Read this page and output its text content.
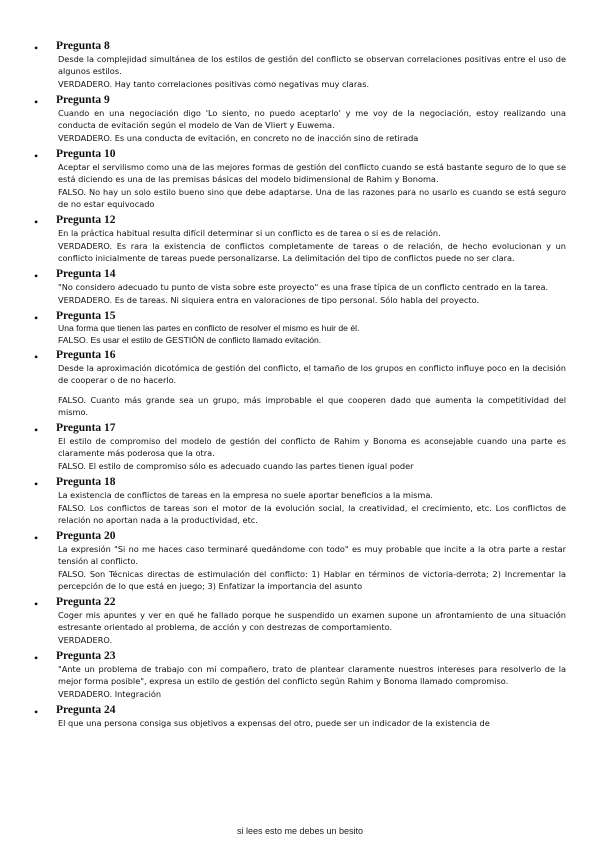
• Pregunta 8
Desde la complejidad simultánea de los estilos de gestión del conflicto se observan correlaciones positivas entre el uso de algunos estilos.
VERDADERO. Hay tanto correlaciones positivas como negativas muy claras.
• Pregunta 9
Cuando en una negociación digo 'Lo siento, no puedo aceptarlo' y me voy de la negociación, estoy realizando una conducta de evitación según el modelo de Van de Vliert y Euwema.
VERDADERO. Es una conducta de evitación, en concreto no de inacción sino de retirada
• Pregunta 10
Aceptar el servilismo como una de las mejores formas de gestión del conflicto cuando se está bastante seguro de lo que se está diciendo es una de las premisas básicas del modelo bidimensional de Rahim y Bonoma.
FALSO. No hay un solo estilo bueno sino que debe adaptarse. Una de las razones para no usarlo es cuando se está seguro de no estar equivocado
• Pregunta 12
En la práctica habitual resulta difícil determinar si un conflicto es de tarea o si es de relación.
VERDADERO. Es rara la existencia de conflictos completamente de tareas o de relación, de hecho evolucionan y un conflicto inicialmente de tareas puede personalizarse. La delimitación del tipo de conflictos puede no ser clara.
• Pregunta 14
"No considero adecuado tu punto de vista sobre este proyecto" es una frase típica de un conflicto centrado en la tarea.
VERDADERO. Es de tareas. Ni siquiera entra en valoraciones de tipo personal. Sólo habla del proyecto.
• Pregunta 15
Una forma que tienen las partes en conflicto de resolver el mismo es huir de él.
FALSO. Es usar el estilo de GESTIÓN de conflicto llamado evitación.
• Pregunta 16
Desde la aproximación dicotómica de gestión del conflicto, el tamaño de los grupos en conflicto influye poco en la decisión de cooperar o de no hacerlo.
FALSO. Cuanto más grande sea un grupo, más improbable el que cooperen dado que aumenta la competitividad del mismo.
• Pregunta 17
El estilo de compromiso del modelo de gestión del conflicto de Rahim y Bonoma es aconsejable cuando una parte es claramente más poderosa que la otra.
FALSO. El estilo de compromiso sólo es adecuado cuando las partes tienen igual poder
• Pregunta 18
La existencia de conflictos de tareas en la empresa no suele aportar beneficios a la misma.
FALSO. Los conflictos de tareas son el motor de la evolución social, la creatividad, el crecimiento, etc. Los conflictos de relación no aportan nada a la productividad, etc.
• Pregunta 20
La expresión "Si no me haces caso terminaré quedándome con todo" es muy probable que incite a la otra parte a restar tensión al conflicto.
FALSO. Son Técnicas directas de estimulación del conflicto: 1) Hablar en términos de victoria-derrota; 2) Incrementar la percepción de lo que está en juego; 3) Enfatizar la importancia del asunto
• Pregunta 22
Coger mis apuntes y ver en qué he fallado porque he suspendido un examen supone un afrontamiento de una situación estresante orientado al problema, de acción y con destrezas de comportamiento.
VERDADERO.
• Pregunta 23
"Ante un problema de trabajo con mi compañero, trato de plantear claramente nuestros intereses para resolverlo de la mejor forma posible", expresa un estilo de gestión del conflicto según Rahim y Bonoma llamado compromiso.
VERDADERO. Integración
• Pregunta 24
El que una persona consiga sus objetivos a expensas del otro, puede ser un indicador de la existencia de
si lees esto me debes un besito
